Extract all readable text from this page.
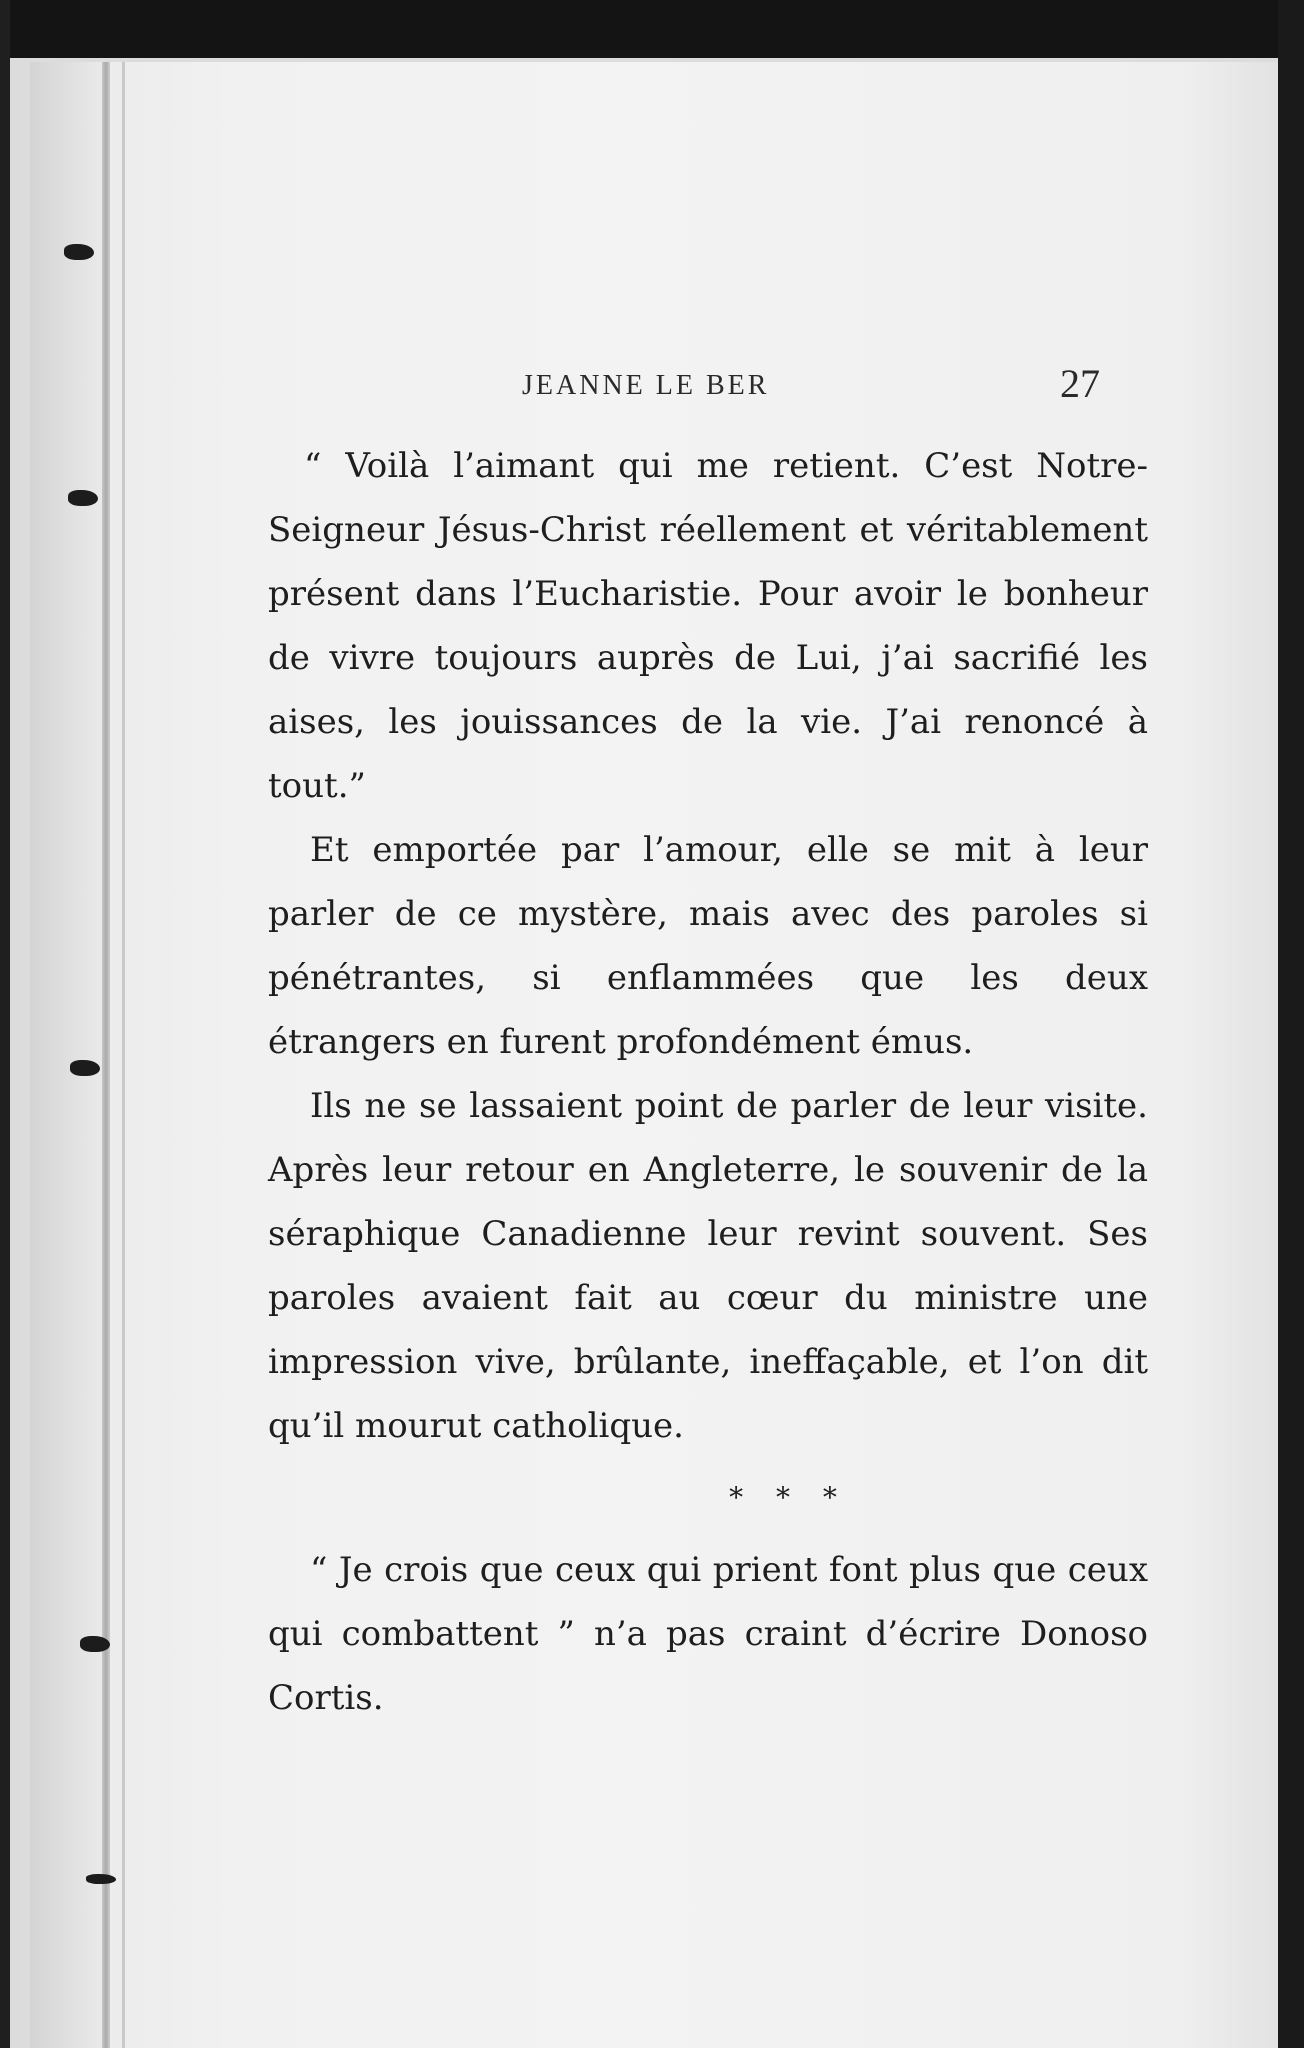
JEANNE LE BER	27

“ Voilà l’aimant qui me retient. C’est Notre-Seigneur Jésus-Christ réellement et véritablement présent dans l’Eucharistie. Pour avoir le bonheur de vivre toujours auprès de Lui, j’ai sacrifié les aises, les jouissances de la vie. J’ai renoncé à tout.”

Et emportée par l’amour, elle se mit à leur parler de ce mystère, mais avec des paroles si pénétrantes, si enflammées que les deux étrangers en furent profondément émus.

Ils ne se lassaient point de parler de leur visite. Après leur retour en Angleterre, le souvenir de la séraphique Canadienne leur revint souvent. Ses paroles avaient fait au cœur du ministre une impression vive, brûlante, ineffaçable, et l’on dit qu’il mourut catholique.

* * *

“ Je crois que ceux qui prient font plus que ceux qui combattent ” n’a pas craint d’écrire Donoso Cortis.
